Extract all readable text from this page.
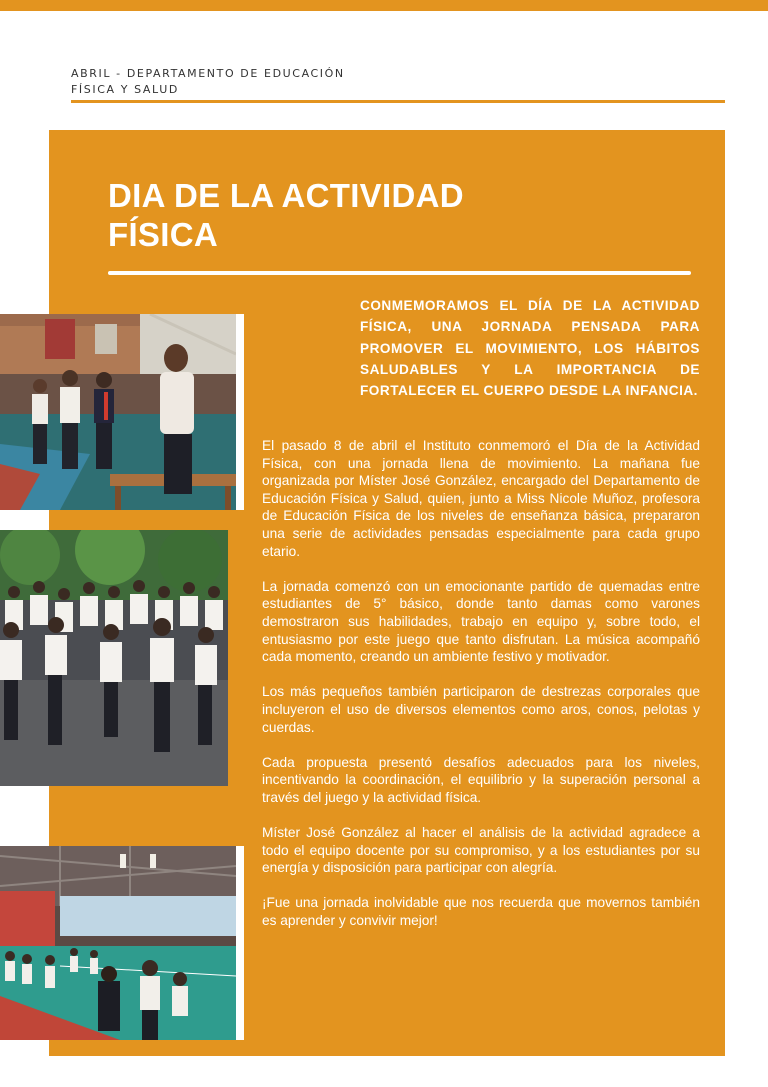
ABRIL - DEPARTAMENTO DE EDUCACIÓN
FÍSICA Y SALUD

DIA DE LA ACTIVIDAD
FÍSICA

CONMEMORAMOS EL DÍA DE LA ACTIVIDAD FÍSICA, UNA JORNADA PENSADA PARA PROMOVER EL MOVIMIENTO, LOS HÁBITOS SALUDABLES Y LA IMPORTANCIA DE FORTALECER EL CUERPO DESDE LA INFANCIA.

El pasado 8 de abril el Instituto conmemoró el Día de la Actividad Física, con una jornada llena de movimiento. La mañana fue organizada por Míster José González, encargado del Departamento de Educación Física y Salud, quien, junto a Miss Nicole Muñoz, profesora de Educación Física de los niveles de enseñanza básica, prepararon una serie de actividades pensadas especialmente para cada grupo etario.

La jornada comenzó con un emocionante partido de quemadas entre estudiantes de 5° básico, donde tanto damas como varones demostraron sus habilidades, trabajo en equipo y, sobre todo, el entusiasmo por este juego que tanto disfrutan. La música acompañó cada momento, creando un ambiente festivo y motivador.

Los más pequeños también participaron de destrezas corporales que incluyeron el uso de diversos elementos como aros, conos, pelotas y cuerdas.

Cada propuesta presentó desafíos adecuados para los niveles, incentivando la coordinación, el equilibrio y la superación personal a través del juego y la actividad física.

Míster José González al hacer el análisis de la actividad agradece a todo el equipo docente por su compromiso, y a los estudiantes por su energía y disposición para participar con alegría.

¡Fue una jornada inolvidable que nos recuerda que movernos también es aprender y convivir mejor!
